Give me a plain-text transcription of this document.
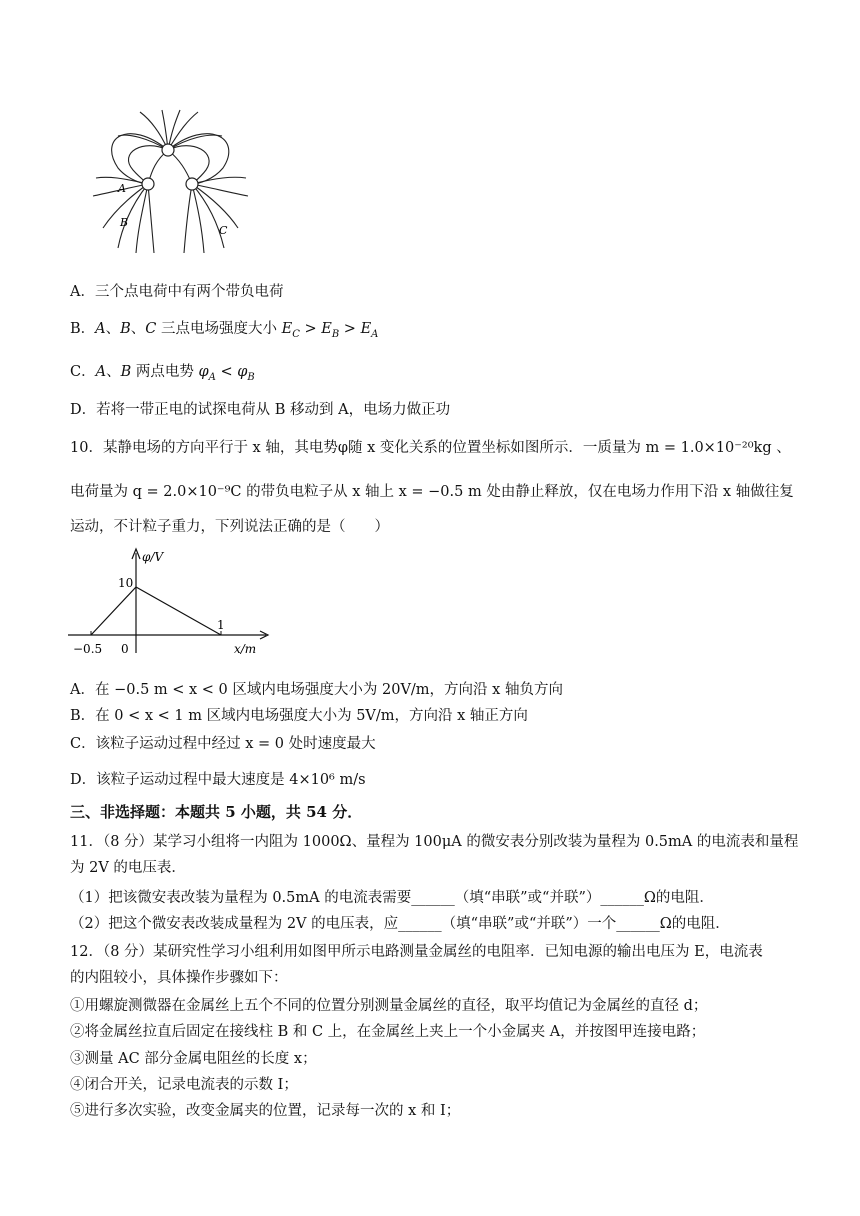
A
B
C
A．三个点电荷中有两个带负电荷
B．A、B、C 三点电场强度大小 $E_C > E_B > E_A$
C．A、B 两点电势 $\varphi_A < \varphi_B$
D．若将一带正电的试探电荷从 B 移动到 A，电场力做正功
10．某静电场的方向平行于 x 轴，其电势φ随 x 变化关系的位置坐标如图所示．一质量为 m = 1.0×10⁻²⁰kg 、
电荷量为 q = 2.0×10⁻⁹C 的带负电粒子从 x 轴上 x = −0.5 m 处由静止释放，仅在电场力作用下沿 x 轴做往复
运动，不计粒子重力，下列说法正确的是（　　）
φ/V
10
−0.5 0
1
x/m
A．在 −0.5 m < x < 0 区域内电场强度大小为 20V/m，方向沿 x 轴负方向
B．在 0 < x < 1 m 区域内电场强度大小为 5V/m，方向沿 x 轴正方向
C．该粒子运动过程中经过 x = 0 处时速度最大
D．该粒子运动过程中最大速度是 4×10⁶ m/s
三、非选择题：本题共 5 小题，共 54 分．
11．（8 分）某学习小组将一内阻为 1000Ω、量程为 100μA 的微安表分别改装为量程为 0.5mA 的电流表和量程
为 2V 的电压表．
（1）把该微安表改装为量程为 0.5mA 的电流表需要______（填“串联”或“并联”）______Ω的电阻．
（2）把这个微安表改装成量程为 2V 的电压表，应______（填“串联”或“并联”）一个______Ω的电阻．
12．（8 分）某研究性学习小组利用如图甲所示电路测量金属丝的电阻率．已知电源的输出电压为 E，电流表
的内阻较小，具体操作步骤如下：
①用螺旋测微器在金属丝上五个不同的位置分别测量金属丝的直径，取平均值记为金属丝的直径 d；
②将金属丝拉直后固定在接线柱 B 和 C 上，在金属丝上夹上一个小金属夹 A，并按图甲连接电路；
③测量 AC 部分金属电阻丝的长度 x；
④闭合开关，记录电流表的示数 I；
⑤进行多次实验，改变金属夹的位置，记录每一次的 x 和 I；
